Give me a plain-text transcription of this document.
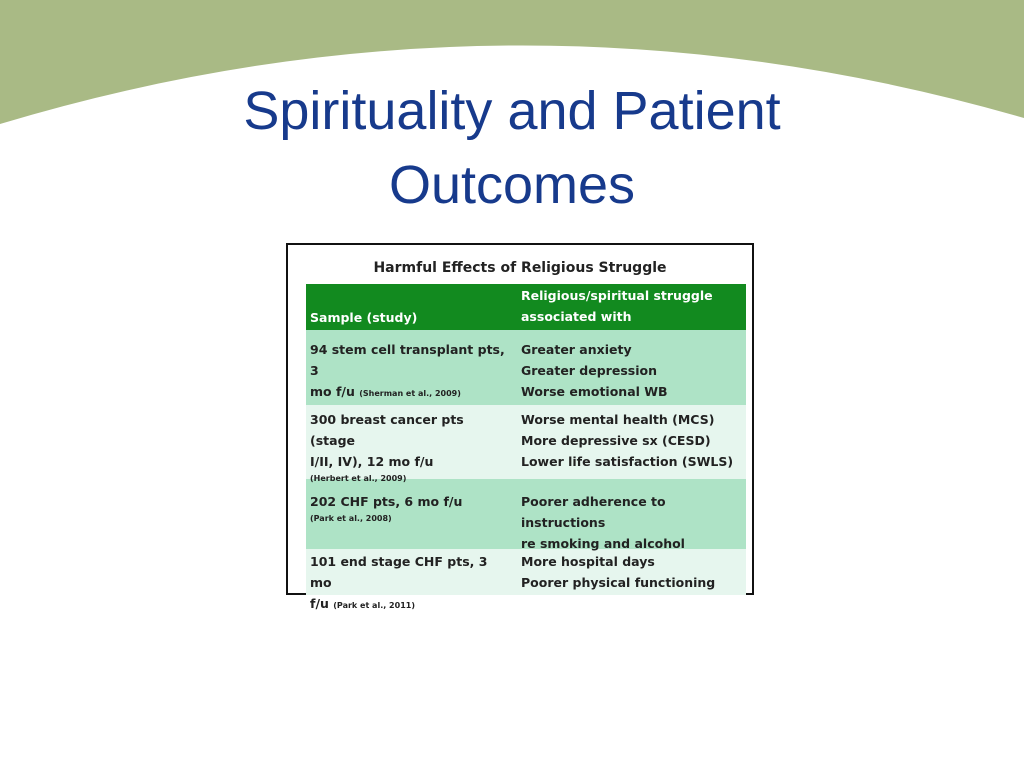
Spirituality and Patient
Outcomes
Harmful Effects of Religious Struggle
Sample (study)
Religious/spiritual struggle
associated with
94 stem cell transplant pts, 3
mo f/u (Sherman et al., 2009)
Greater anxiety
Greater depression
Worse emotional WB
300 breast cancer pts (stage
I/II, IV), 12 mo f/u
(Herbert et al., 2009)
Worse mental health (MCS)
More depressive sx (CESD)
Lower life satisfaction (SWLS)
202 CHF pts, 6 mo f/u
(Park et al., 2008)
Poorer adherence to instructions
re smoking and alcohol
101 end stage CHF pts, 3 mo
f/u (Park et al., 2011)
More hospital days
Poorer physical functioning
